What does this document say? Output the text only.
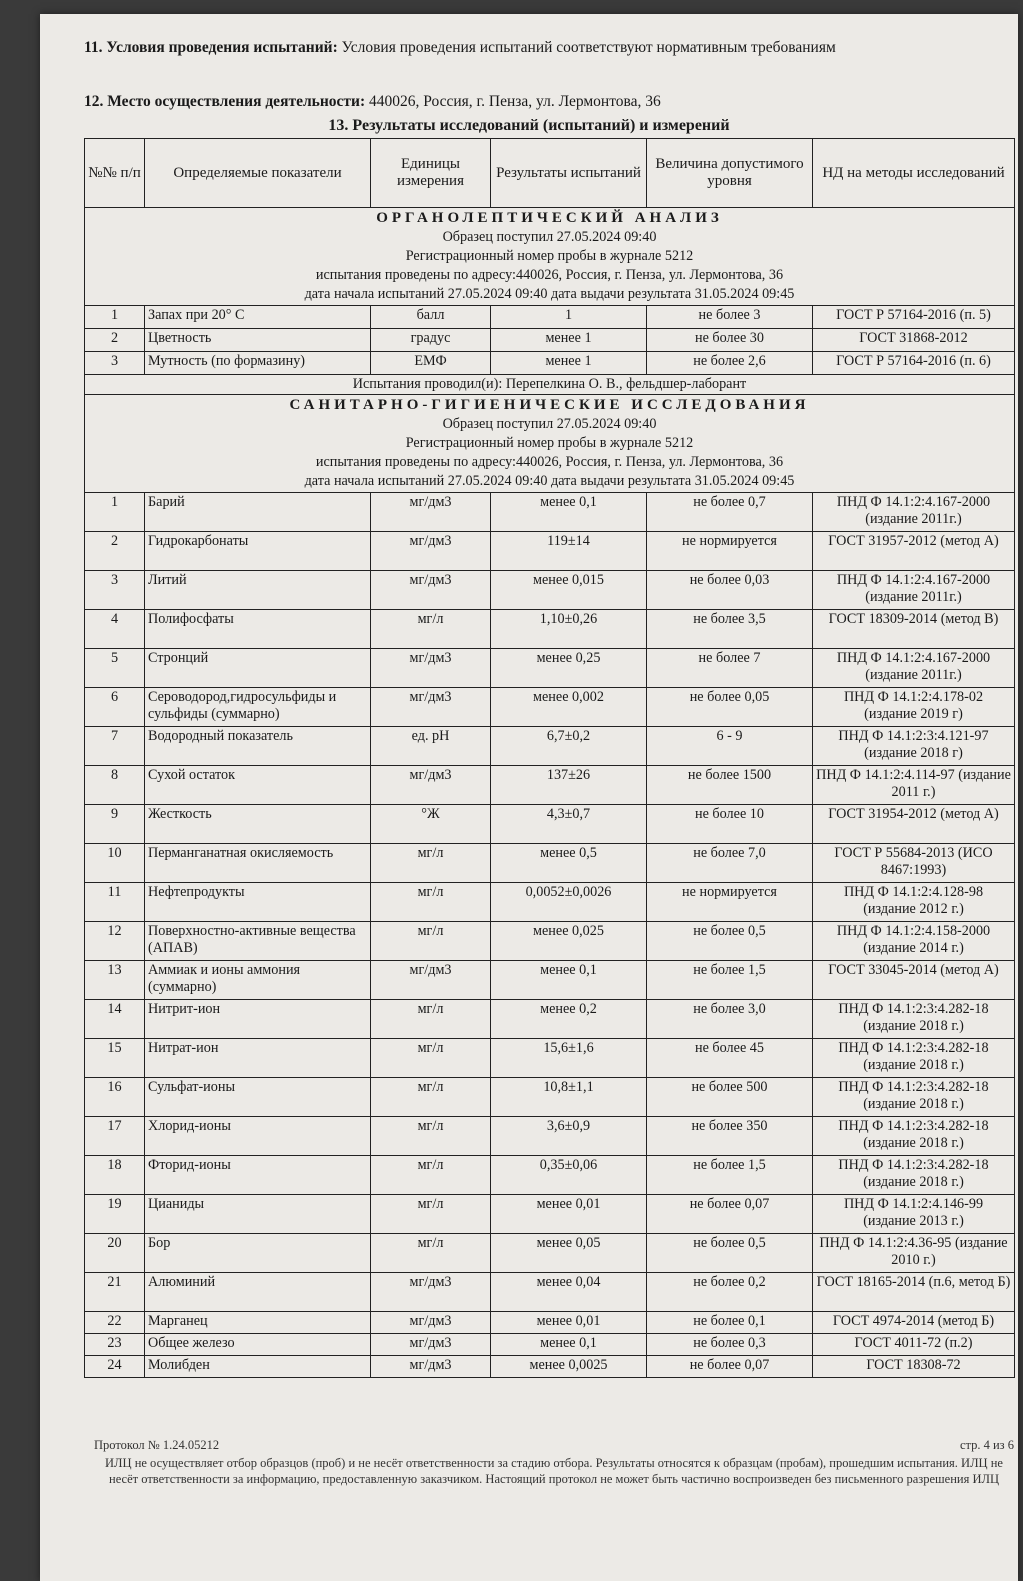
11. Условия проведения испытаний: Условия проведения испытаний соответствуют нормативным требованиям
12. Место осуществления деятельности: 440026, Россия, г. Пенза, ул. Лермонтова, 36
13. Результаты исследований (испытаний) и измерений
№№ п/п	Определяемые показатели	Единицы измерения	Результаты испытаний	Величина допустимого уровня	НД на методы исследований

ОРГАНОЛЕПТИЧЕСКИЙ АНАЛИЗ
Образец поступил 27.05.2024 09:40
Регистрационный номер пробы в журнале 5212
испытания проведены по адресу:440026, Россия, г. Пенза, ул. Лермонтова, 36
дата начала испытаний 27.05.2024 09:40 дата выдачи результата 31.05.2024 09:45					

1	Запах при 20° С	балл	1	не более 3	ГОСТ Р 57164-2016 (п. 5)
2	Цветность	градус	менее 1	не более 30	ГОСТ 31868-2012
3	Мутность (по формазину)	ЕМФ	менее 1	не более 2,6	ГОСТ Р 57164-2016 (п. 6)
Испытания проводил(и): Перепелкина О. В., фельдшер-лаборант					

САНИТАРНО-ГИГИЕНИЧЕСКИЕ ИССЛЕДОВАНИЯ
Образец поступил 27.05.2024 09:40
Регистрационный номер пробы в журнале 5212
испытания проведены по адресу:440026, Россия, г. Пенза, ул. Лермонтова, 36
дата начала испытаний 27.05.2024 09:40 дата выдачи результата 31.05.2024 09:45					

1	Барий	мг/дм3	менее 0,1	не более 0,7	ПНД Ф 14.1:2:4.167-2000 (издание 2011г.)
2	Гидрокарбонаты	мг/дм3	119±14	не нормируется	ГОСТ 31957-2012 (метод А)
3	Литий	мг/дм3	менее 0,015	не более 0,03	ПНД Ф 14.1:2:4.167-2000 (издание 2011г.)
4	Полифосфаты	мг/л	1,10±0,26	не более 3,5	ГОСТ 18309-2014 (метод В)
5	Стронций	мг/дм3	менее 0,25	не более 7	ПНД Ф 14.1:2:4.167-2000 (издание 2011г.)
6	Сероводород,гидросульфиды и сульфиды (суммарно)	мг/дм3	менее 0,002	не более 0,05	ПНД Ф 14.1:2:4.178-02 (издание 2019 г)
7	Водородный показатель	ед. pH	6,7±0,2	6 - 9	ПНД Ф 14.1:2:3:4.121-97 (издание 2018 г)
8	Сухой остаток	мг/дм3	137±26	не более 1500	ПНД Ф 14.1:2:4.114-97 (издание 2011 г.)
9	Жесткость	°Ж	4,3±0,7	не более 10	ГОСТ 31954-2012 (метод А)
10	Перманганатная окисляемость	мг/л	менее 0,5	не более 7,0	ГОСТ Р 55684-2013 (ИСО 8467:1993)
11	Нефтепродукты	мг/л	0,0052±0,0026	не нормируется	ПНД Ф 14.1:2:4.128-98 (издание 2012 г.)
12	Поверхностно-активные вещества (АПАВ)	мг/л	менее 0,025	не более 0,5	ПНД Ф 14.1:2:4.158-2000 (издание 2014 г.)
13	Аммиак и ионы аммония (суммарно)	мг/дм3	менее 0,1	не более 1,5	ГОСТ 33045-2014 (метод А)
14	Нитрит-ион	мг/л	менее 0,2	не более 3,0	ПНД Ф 14.1:2:3:4.282-18 (издание 2018 г.)
15	Нитрат-ион	мг/л	15,6±1,6	не более 45	ПНД Ф 14.1:2:3:4.282-18 (издание 2018 г.)
16	Сульфат-ионы	мг/л	10,8±1,1	не более 500	ПНД Ф 14.1:2:3:4.282-18 (издание 2018 г.)
17	Хлорид-ионы	мг/л	3,6±0,9	не более 350	ПНД Ф 14.1:2:3:4.282-18 (издание 2018 г.)
18	Фторид-ионы	мг/л	0,35±0,06	не более 1,5	ПНД Ф 14.1:2:3:4.282-18 (издание 2018 г.)
19	Цианиды	мг/л	менее 0,01	не более 0,07	ПНД Ф 14.1:2:4.146-99 (издание 2013 г.)
20	Бор	мг/л	менее 0,05	не более 0,5	ПНД Ф 14.1:2:4.36-95 (издание 2010 г.)
21	Алюминий	мг/дм3	менее 0,04	не более 0,2	ГОСТ 18165-2014 (п.6, метод Б)
22	Марганец	мг/дм3	менее 0,01	не более 0,1	ГОСТ 4974-2014 (метод Б)
23	Общее железо	мг/дм3	менее 0,1	не более 0,3	ГОСТ 4011-72 (п.2)
24	Молибден	мг/дм3	менее 0,0025	не более 0,07	ГОСТ 18308-72
Протокол № 1.24.05212	стр. 4 из 6
ИЛЦ не осуществляет отбор образцов (проб) и не несёт ответственности за стадию отбора. Результаты относятся к образцам (пробам), прошедшим испытания. ИЛЦ не несёт ответственности за информацию, предоставленную заказчиком. Настоящий протокол не может быть частично воспроизведен без письменного разрешения ИЛЦ
